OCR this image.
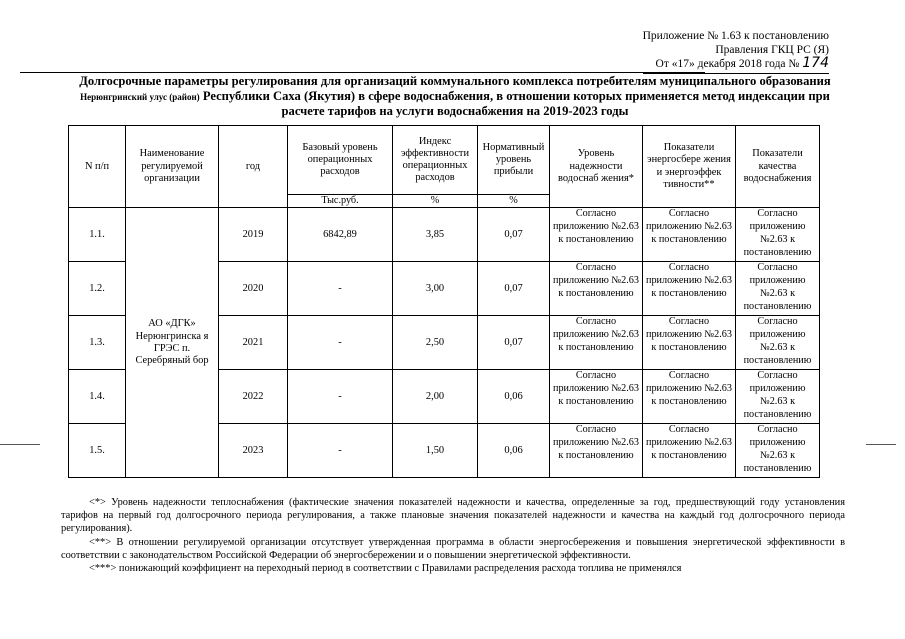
Приложение № 1.63 к постановлению
Правления ГКЦ РС (Я)
От «17» декабря 2018 года № 174
Долгосрочные параметры регулирования для организаций коммунального комплекса потребителям муниципального образования Нерюнгринский улус (район) Республики Саха (Якутия) в сфере водоснабжения, в отношении которых применяется метод индексации при расчете тарифов на услуги водоснабжения на 2019-2023 годы
N п/п	Наименование регулируемой организации	год	Базовый уровень операционных расходов	Индекс эффективности операционных расходов	Нормативный уровень прибыли	Уровень надежности водоснаб жения*	Показатели энергосбере жения и энергоэффек тивности**	Показатели качества водоснабжения
			Тыс.руб.	%	%			
1.1.	АО «ДГК» Нерюнгринска я ГРЭС п. Серебряный бор	2019	6842,89	3,85	0,07	Согласно приложению №2.63 к постановлению	Согласно приложению №2.63 к постановлению	Согласно приложению №2.63 к постановлению
1.2.		2020	-	3,00	0,07	Согласно приложению №2.63 к постановлению	Согласно приложению №2.63 к постановлению	Согласно приложению №2.63 к постановлению
1.3.		2021	-	2,50	0,07	Согласно приложению №2.63 к постановлению	Согласно приложению №2.63 к постановлению	Согласно приложению №2.63 к постановлению
1.4.		2022	-	2,00	0,06	Согласно приложению №2.63 к постановлению	Согласно приложению №2.63 к постановлению	Согласно приложению №2.63 к постановлению
1.5.		2023	-	1,50	0,06	Согласно приложению №2.63 к постановлению	Согласно приложению №2.63 к постановлению	Согласно приложению №2.63 к постановлению

<*> Уровень надежности теплоснабжения (фактические значения показателей надежности и качества, определенные за год, предшествующий году установления тарифов на первый год долгосрочного периода регулирования, а также плановые значения показателей надежности и качества на каждый год долгосрочного периода регулирования).

<**> В отношении регулируемой организации отсутствует утвержденная программа в области энергосбережения и повышения энергетической эффективности в соответствии с законодательством Российской Федерации об энергосбережении и о повышении энергетической эффективности.

<***> понижающий коэффициент на переходный период в соответствии с Правилами распределения расхода топлива не применялся
